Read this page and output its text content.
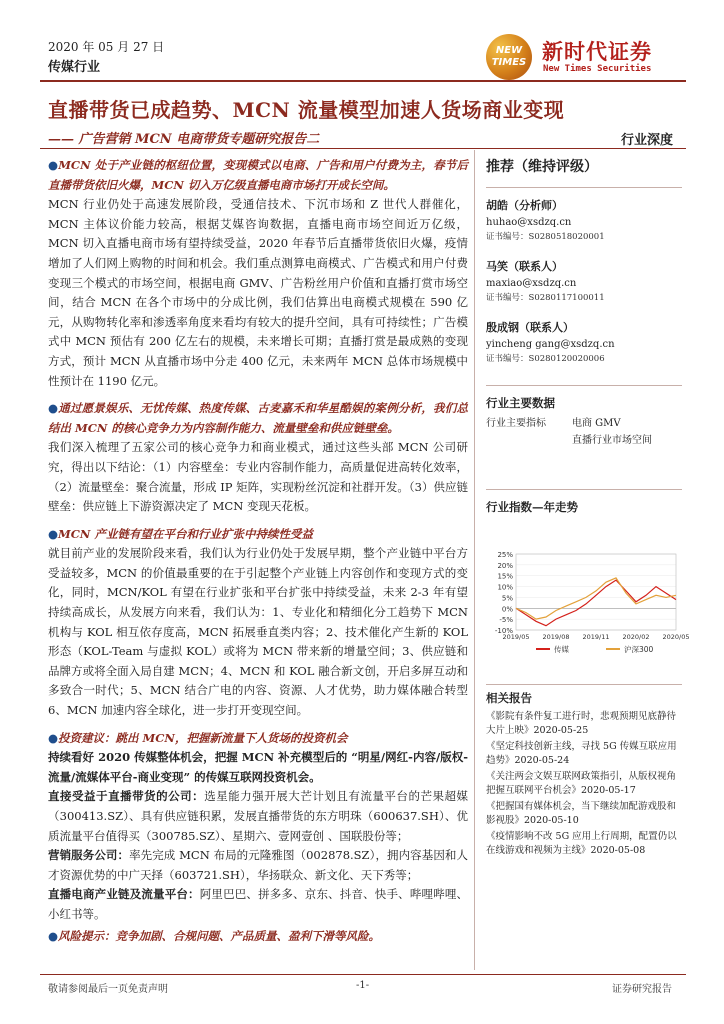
2020 年 05 月 27 日
传媒行业
NEW
TIMES 新时代证券
New Times Securities
直播带货已成趋势、MCN 流量模型加速人货场商业变现
—— 广告营销 MCN 电商带货专题研究报告二	行业深度

● MCN 处于产业链的枢纽位置，变现模式以电商、广告和用户付费为主，春节后直播带货依旧火爆，MCN 切入万亿级直播电商市场打开成长空间。

MCN 行业仍处于高速发展阶段，受通信技术、下沉市场和 Z 世代人群催化，MCN 主体议价能力较高，根据艾媒咨询数据，直播电商市场空间近万亿级，MCN 切入直播电商市场有望持续受益，2020 年春节后直播带货依旧火爆，疫情增加了人们网上购物的时间和机会。我们重点测算电商模式、广告模式和用户付费变现三个模式的市场空间，根据电商 GMV、广告粉丝用户价值和直播打赏市场空间，结合 MCN 在各个市场中的分成比例，我们估算出电商模式规模在 590 亿元，从购物转化率和渗透率角度来看均有较大的提升空间，具有可持续性；广告模式中 MCN 预估有 200 亿左右的规模，未来增长可期；直播打赏是最成熟的变现方式，预计 MCN 从直播市场中分走 400 亿元，未来两年 MCN 总体市场规模中性预计在 1190 亿元。

● 通过愿景娱乐、无忧传媒、热度传媒、古麦嘉禾和华星酷娱的案例分析，我们总结出 MCN 的核心竞争力为内容制作能力、流量壁垒和供应链壁垒。

我们深入梳理了五家公司的核心竞争力和商业模式，通过这些头部 MCN 公司研究，得出以下结论：（1）内容壁垒：专业内容制作能力，高质量促进高转化效率，（2）流量壁垒：聚合流量，形成 IP 矩阵，实现粉丝沉淀和社群开发。（3）供应链壁垒：供应链上下游资源决定了 MCN 变现天花板。

● MCN 产业链有望在平台和行业扩张中持续性受益

就目前产业的发展阶段来看，我们认为行业仍处于发展早期，整个产业链中平台方受益较多，MCN 的价值最重要的在于引起整个产业链上内容创作和变现方式的变化，同时，MCN/KOL 有望在行业扩张和平台扩张中持续受益，未来 2-3 年有望持续高成长，从发展方向来看，我们认为：1、专业化和精细化分工趋势下 MCN 机构与 KOL 相互依存度高，MCN 拓展垂直类内容；2、技术催化产生新的 KOL 形态（KOL-Team 与虚拟 KOL）或将为 MCN 带来新的增量空间；3、供应链和品牌方或将全面入局自建 MCN；4、MCN 和 KOL 融合新文创，开启多屏互动和多致合一时代；5、MCN 结合广电的内容、资源、人才优势，助力媒体融合转型 6、MCN 加速内容全球化，进一步打开变现空间。

● 投资建议：跳出 MCN，把握新流量下人货场的投资机会

持续看好 2020 传媒整体机会，把握 MCN 补充模型后的 “明星/网红-内容/版权-流量/流媒体平台-商业变现” 的传媒互联网投资机会。

直接受益于直播带货的公司：选星能力强开展大芒计划且有流量平台的芒果超媒（300413.SZ）、具有供应链积累，发展直播带货的东方明珠（600637.SH）、优质流量平台值得买（300785.SZ）、星期六、壹网壹创 、国联股份等；

营销服务公司：率先完成 MCN 布局的元隆雅图（002878.SZ），拥内容基因和人才资源优势的中广天择（603721.SH），华扬联众、新文化、天下秀等；

直播电商产业链及流量平台：阿里巴巴、拼多多、京东、抖音、快手、哔哩哔哩、小红书等。

● 风险提示：竞争加剧、合规问题、产品质量、盈利下滑等风险。

推荐（维持评级）
胡皓（分析师）
huhao@xsdzq.cn
证书编号：S0280518020001
马笑（联系人）
maxiao@xsdzq.cn
证书编号：S0280117100011
殷成钢（联系人）
yincheng gang@xsdzq.cn
证书编号：S0280120020006
行业主要数据
行业主要指标	电商 GMV
直播行业市场空间
行业指数—年走势
25%
20%
15%
10%
5%
0%
-5%
-10%
2019/05 2019/08 2019/11 2020/02 2020/05
传媒	沪深300
相关报告
《影院有条件复工进行时，悲观预期见底静待大片上映》2020-05-25
《坚定科技创新主线，寻找 5G 传媒互联应用趋势》2020-05-24
《关注两会文娱互联网政策指引，从版权视角把握互联网平台机会》2020-05-17
《把握国有媒体机会，当下继续加配游戏股和影视股》2020-05-10
《疫情影响不改 5G 应用上行周期，配置仍以在线游戏和视频为主线》2020-05-08
敬请参阅最后一页免责声明	-1-	证券研究报告
